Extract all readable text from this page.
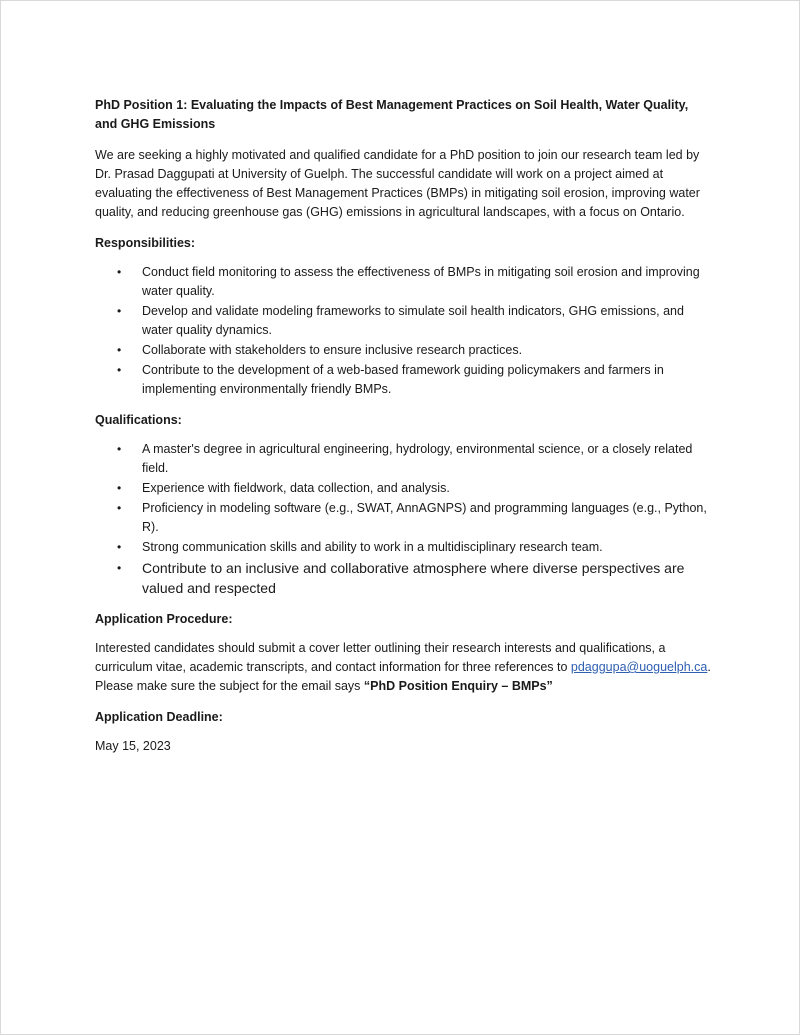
PhD Position 1: Evaluating the Impacts of Best Management Practices on Soil Health, Water Quality, and GHG Emissions
We are seeking a highly motivated and qualified candidate for a PhD position to join our research team led by Dr. Prasad Daggupati at University of Guelph. The successful candidate will work on a project aimed at evaluating the effectiveness of Best Management Practices (BMPs) in mitigating soil erosion, improving water quality, and reducing greenhouse gas (GHG) emissions in agricultural landscapes, with a focus on Ontario.
Responsibilities:
• Conduct field monitoring to assess the effectiveness of BMPs in mitigating soil erosion and improving water quality.
• Develop and validate modeling frameworks to simulate soil health indicators, GHG emissions, and water quality dynamics.
• Collaborate with stakeholders to ensure inclusive research practices.
• Contribute to the development of a web-based framework guiding policymakers and farmers in implementing environmentally friendly BMPs.
Qualifications:
• A master's degree in agricultural engineering, hydrology, environmental science, or a closely related field.
• Experience with fieldwork, data collection, and analysis.
• Proficiency in modeling software (e.g., SWAT, AnnAGNPS) and programming languages (e.g., Python, R).
• Strong communication skills and ability to work in a multidisciplinary research team.
• Contribute to an inclusive and collaborative atmosphere where diverse perspectives are valued and respected
Application Procedure:
Interested candidates should submit a cover letter outlining their research interests and qualifications, a curriculum vitae, academic transcripts, and contact information for three references to pdaggupa@uoguelph.ca. Please make sure the subject for the email says “PhD Position Enquiry – BMPs”
Application Deadline:
May 15, 2023
